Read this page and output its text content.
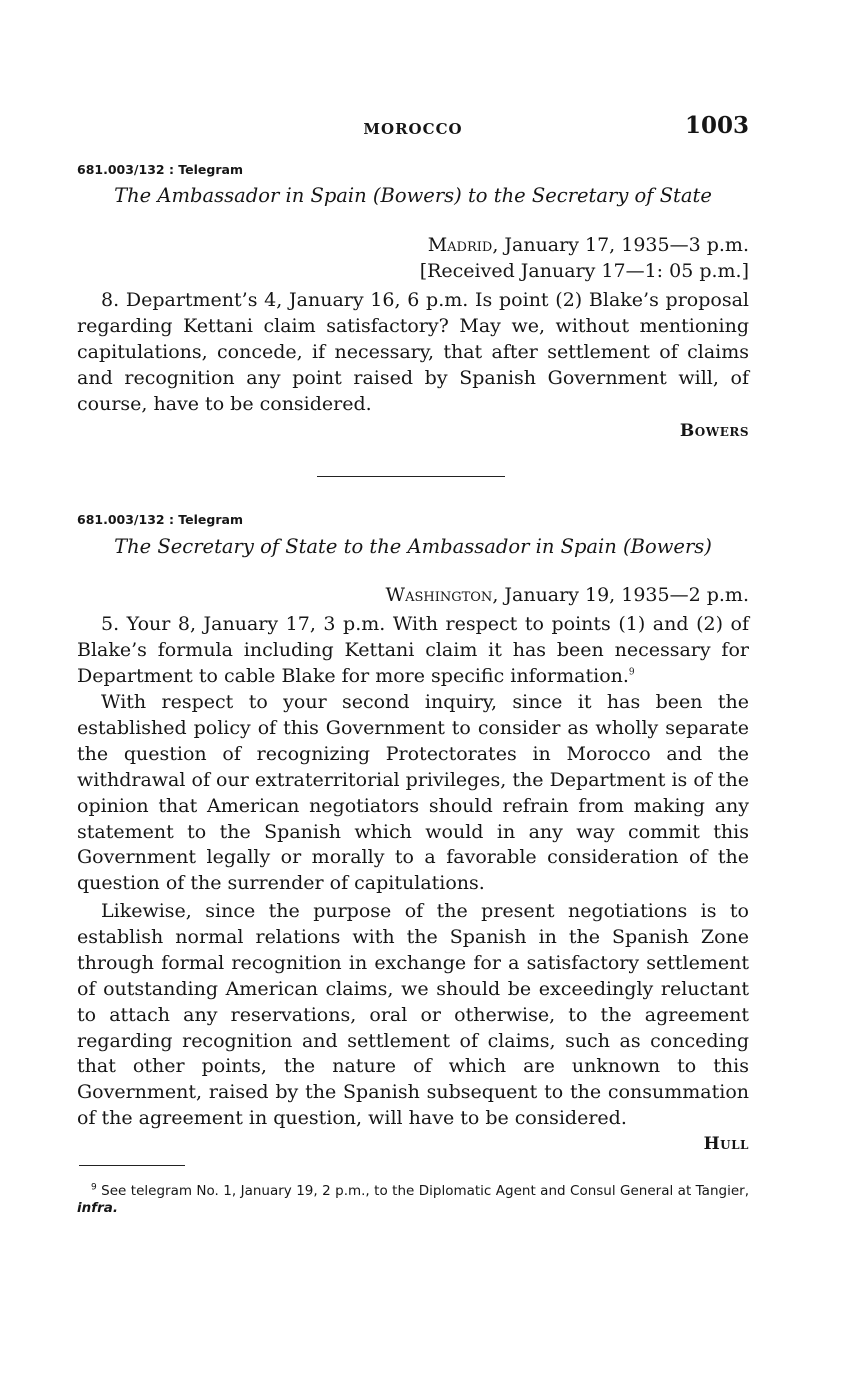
MOROCCO	1003
681.003/132 : Telegram
The Ambassador in Spain (Bowers) to the Secretary of State
Madrid, January 17, 1935—3 p.m.
[Received January 17—1: 05 p.m.]

8. Department’s 4, January 16, 6 p.m. Is point (2) Blake’s proposal regarding Kettani claim satisfactory? May we, without mentioning capitulations, concede, if necessary, that after settlement of claims and recognition any point raised by Spanish Government will, of course, have to be considered.

Bowers
681.003/132 : Telegram
The Secretary of State to the Ambassador in Spain (Bowers)
Washington, January 19, 1935—2 p.m.

5. Your 8, January 17, 3 p.m. With respect to points (1) and (2) of Blake’s formula including Kettani claim it has been necessary for Department to cable Blake for more specific information.$^9$

With respect to your second inquiry, since it has been the established policy of this Government to consider as wholly separate the question of recognizing Protectorates in Morocco and the withdrawal of our extraterritorial privileges, the Department is of the opinion that American negotiators should refrain from making any statement to the Spanish which would in any way commit this Government legally or morally to a favorable consideration of the question of the surrender of capitulations.

Likewise, since the purpose of the present negotiations is to establish normal relations with the Spanish in the Spanish Zone through formal recognition in exchange for a satisfactory settlement of outstanding American claims, we should be exceedingly reluctant to attach any reservations, oral or otherwise, to the agreement regarding recognition and settlement of claims, such as conceding that other points, the nature of which are unknown to this Government, raised by the Spanish subsequent to the consummation of the agreement in question, will have to be considered.

Hull

$^9$ See telegram No. 1, January 19, 2 p.m., to the Diplomatic Agent and Consul General at Tangier, infra.
